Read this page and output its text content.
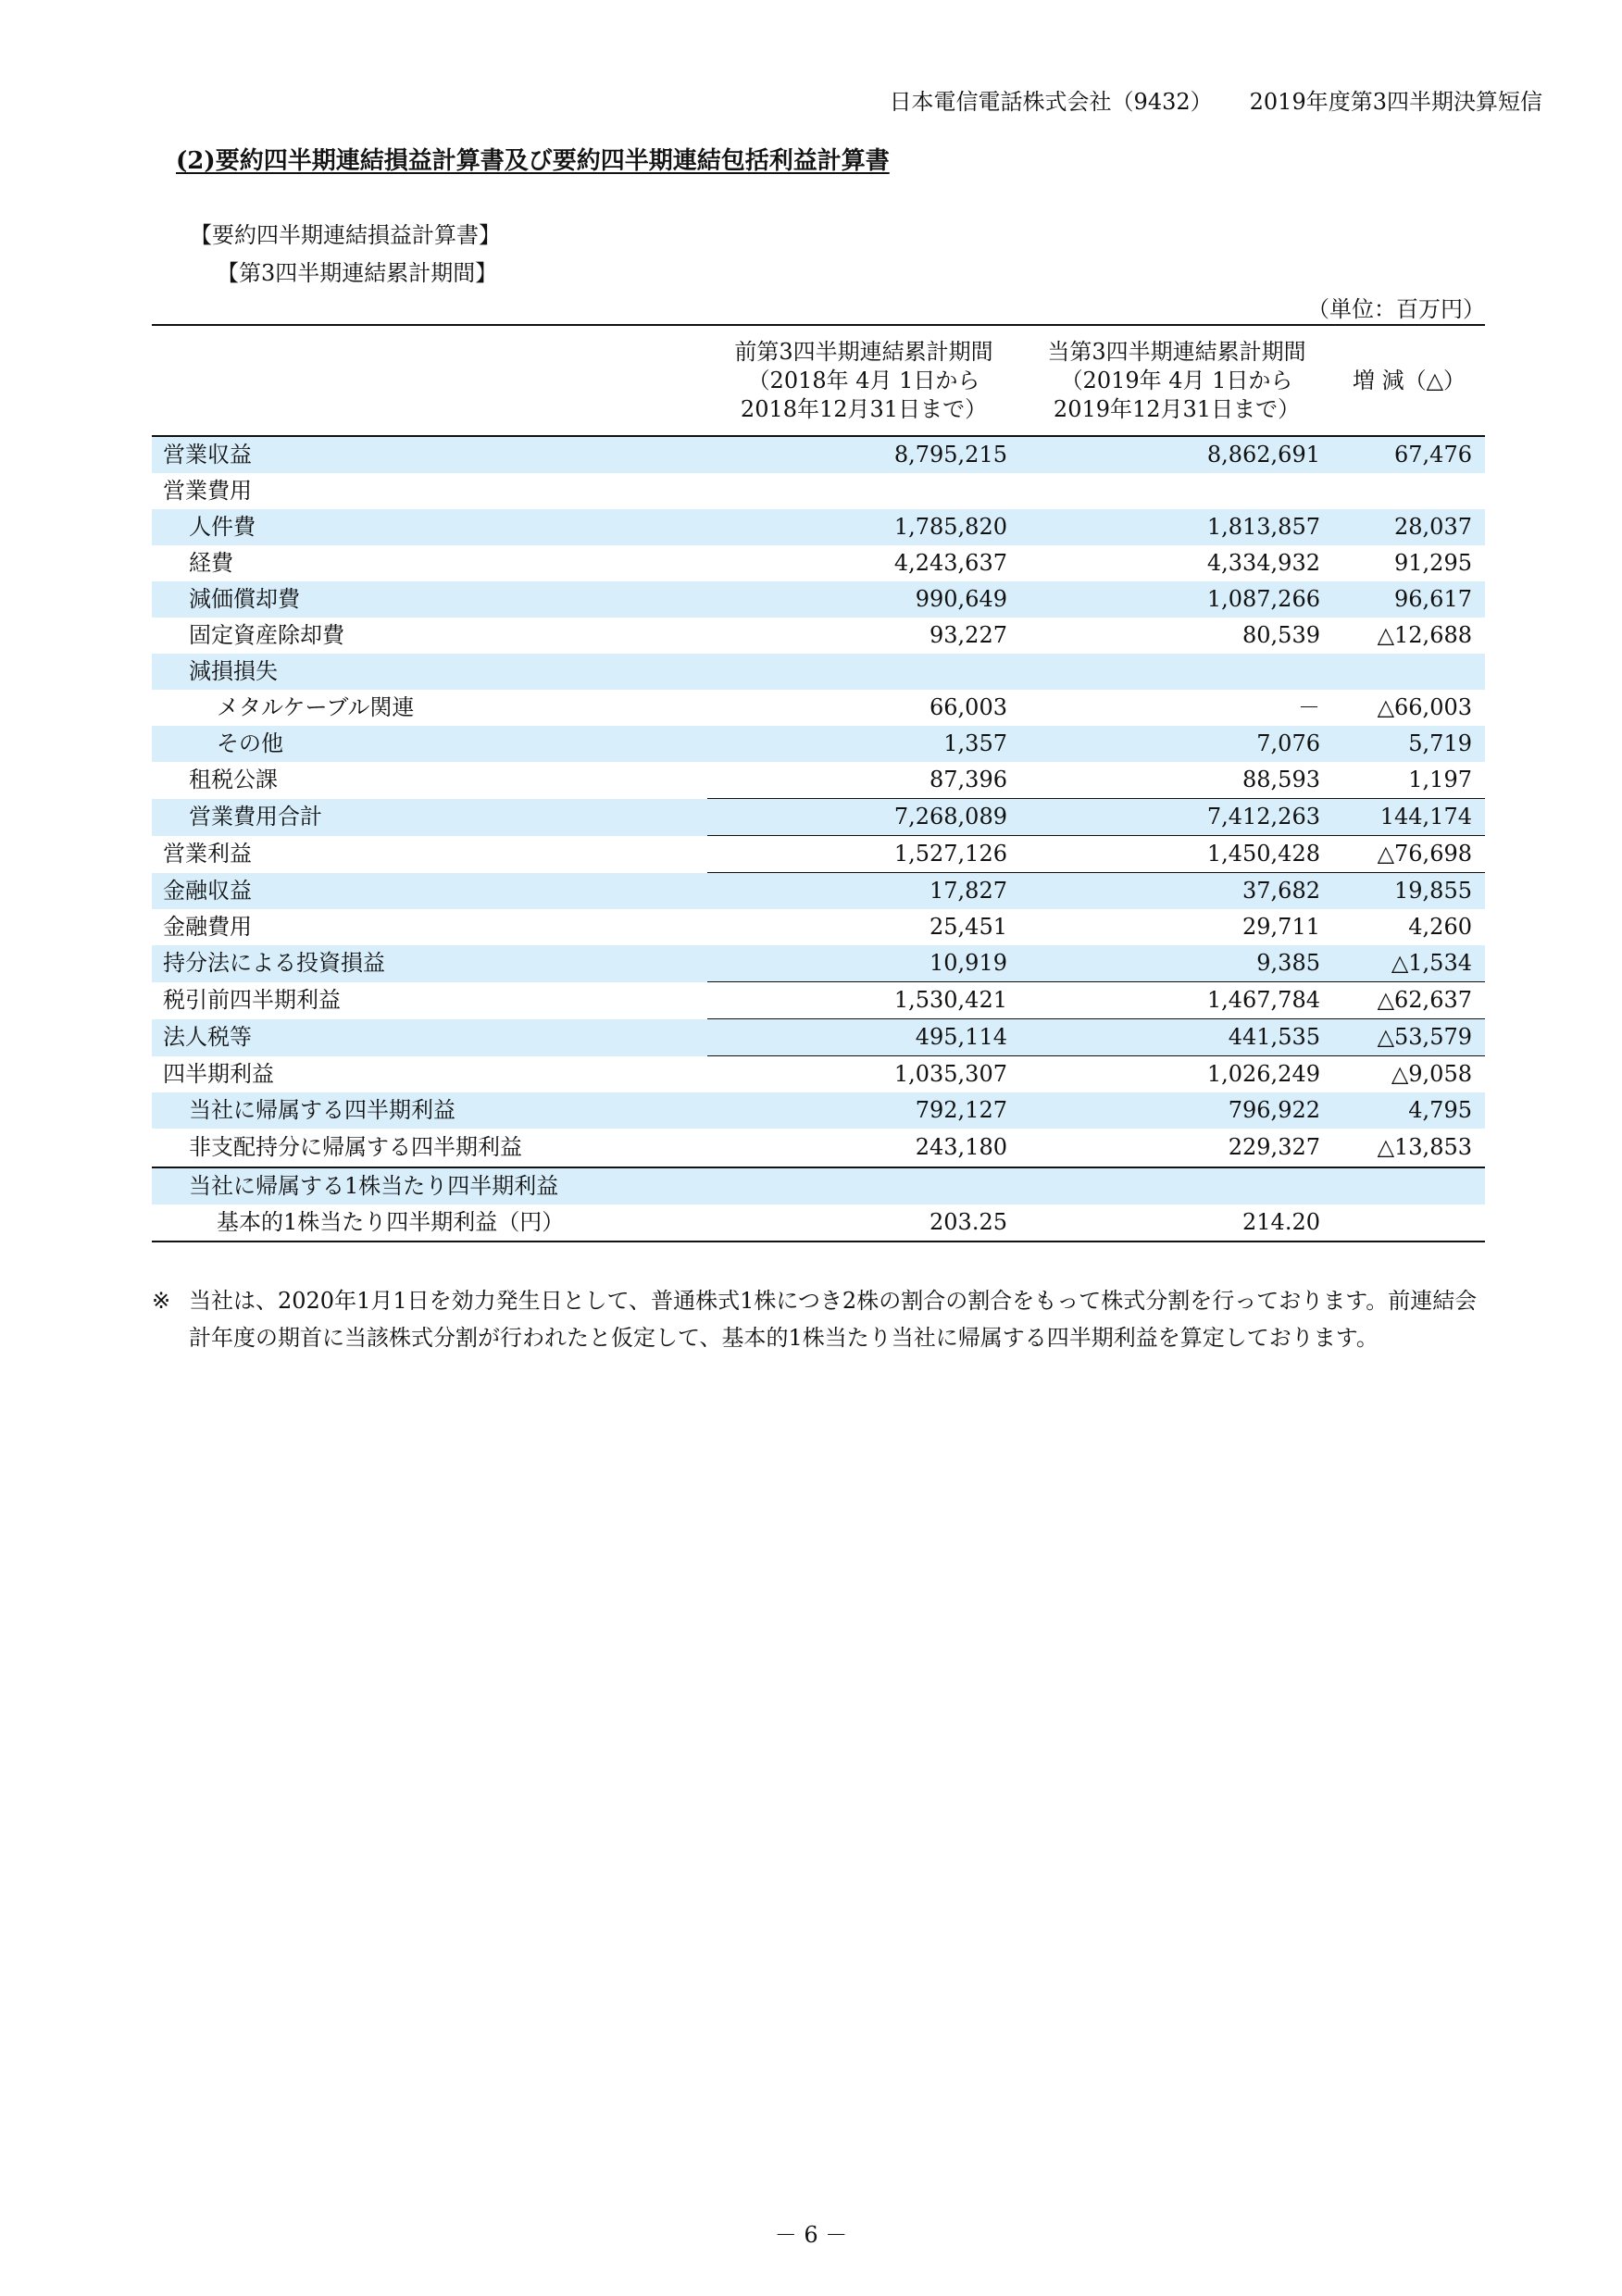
日本電信電話株式会社（9432） 2019年度第3四半期決算短信
(2)要約四半期連結損益計算書及び要約四半期連結包括利益計算書
【要約四半期連結損益計算書】
【第3四半期連結累計期間】
（単位：百万円）

	前第3四半期連結累計期間
（2018年 4月 1日から
2018年12月31日まで）	当第3四半期連結累計期間
（2019年 4月 1日から
2019年12月31日まで）	増 減（△）
営業収益	8,795,215	8,862,691	67,476
営業費用			
人件費	1,785,820	1,813,857	28,037
経費	4,243,637	4,334,932	91,295
減価償却費	990,649	1,087,266	96,617
固定資産除却費	93,227	80,539	△12,688
減損損失			
メタルケーブル関連	66,003	－	△66,003
その他	1,357	7,076	5,719
租税公課	87,396	88,593	1,197
営業費用合計	7,268,089	7,412,263	144,174
営業利益	1,527,126	1,450,428	△76,698
金融収益	17,827	37,682	19,855
金融費用	25,451	29,711	4,260
持分法による投資損益	10,919	9,385	△1,534
税引前四半期利益	1,530,421	1,467,784	△62,637
法人税等	495,114	441,535	△53,579
四半期利益	1,035,307	1,026,249	△9,058
当社に帰属する四半期利益	792,127	796,922	4,795
非支配持分に帰属する四半期利益	243,180	229,327	△13,853
当社に帰属する1株当たり四半期利益			
基本的1株当たり四半期利益（円）	203.25	214.20	
※ 当社は、2020年1月1日を効力発生日として、普通株式1株につき2株の割合の割合をもって株式分割を行っております。前連結会計年度の期首に当該株式分割が行われたと仮定して、基本的1株当たり当社に帰属する四半期利益を算定しております。
－ 6 －
